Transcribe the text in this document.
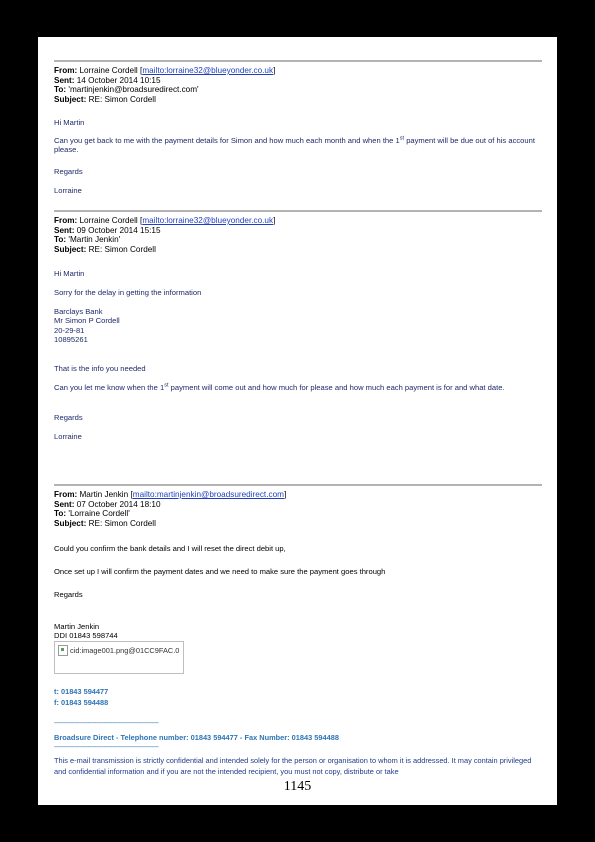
From: Lorraine Cordell [mailto:lorraine32@blueyonder.co.uk]
Sent: 14 October 2014 10:15
To: 'martinjenkin@broadsuredirect.com'
Subject: RE: Simon Cordell
Hi Martin
Can you get back to me with the payment details for Simon and how much each month and when the 1st payment will be due out of his account please.
Regards
Lorraine
From: Lorraine Cordell [mailto:lorraine32@blueyonder.co.uk]
Sent: 09 October 2014 15:15
To: 'Martin Jenkin'
Subject: RE: Simon Cordell
Hi Martin
Sorry for the delay in getting the information
Barclays Bank
Mr Simon P Cordell
20-29-81
10895261
That is the info you needed
Can you let me know when the 1st payment will come out and how much for please and how much each payment is for and what date.
Regards
Lorraine
From: Martin Jenkin [mailto:martinjenkin@broadsuredirect.com]
Sent: 07 October 2014 18:10
To: 'Lorraine Cordell'
Subject: RE: Simon Cordell
Could you confirm the bank details and I will reset the direct debit up,
Once set up I will confirm the payment dates and we need to make sure the payment goes through
Regards
Martin Jenkin
DDI 01843 598744
cid:image001.png@01CC9FAC.0
t: 01843 594477
f: 01843 594488
---------------------------------------------------------
Broadsure Direct - Telephone number: 01843 594477 - Fax Number: 01843 594488
---------------------------------------------------------
This e-mail transmission is strictly confidential and intended solely for the person or organisation to whom it is addressed. It may contain privileged and confidential information and if you are not the intended recipient, you must not copy, distribute or take
1145
